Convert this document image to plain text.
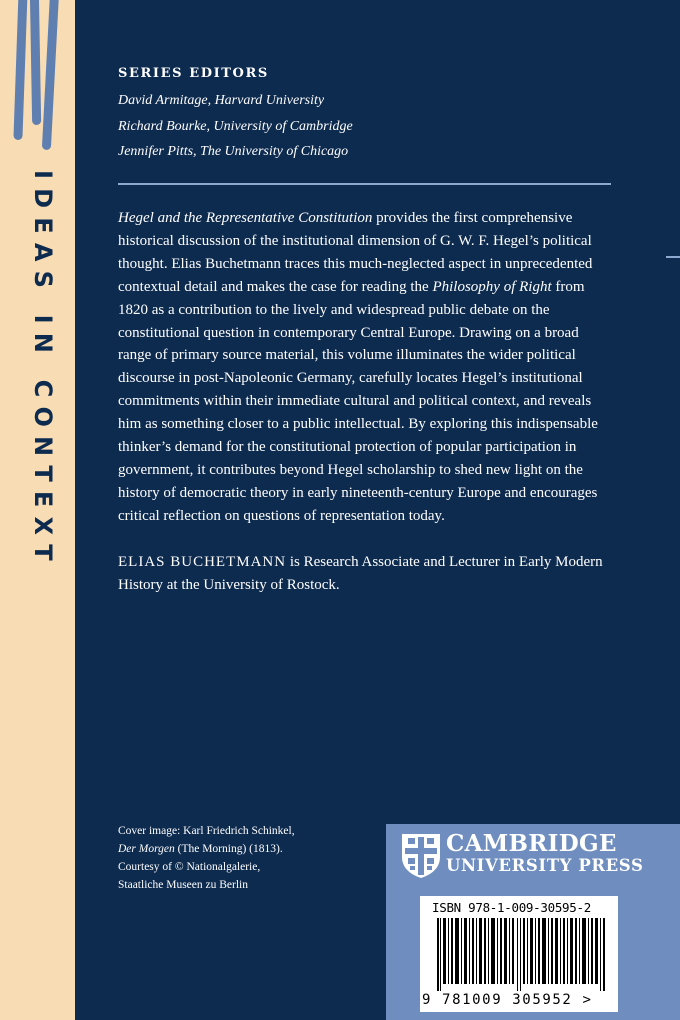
IDEAS IN CONTEXT
SERIES EDITORS
David Armitage, Harvard University
Richard Bourke, University of Cambridge
Jennifer Pitts, The University of Chicago

Hegel and the Representative Constitution provides the first comprehensive historical discussion of the institutional dimension of G. W. F. Hegel’s political thought. Elias Buchetmann traces this much-neglected aspect in unprecedented contextual detail and makes the case for reading the Philosophy of Right from 1820 as a contribution to the lively and widespread public debate on the constitutional question in contemporary Central Europe. Drawing on a broad range of primary source material, this volume illuminates the wider political discourse in post-Napoleonic Germany, carefully locates Hegel’s institutional commitments within their immediate cultural and political context, and reveals him as something closer to a public intellectual. By exploring this indispensable thinker’s demand for the constitutional protection of popular participation in government, it contributes beyond Hegel scholarship to shed new light on the history of democratic theory in early nineteenth-century Europe and encourages critical reflection on questions of representation today.

ELIAS BUCHETMANN is Research Associate and Lecturer in Early Modern History at the University of Rostock.
Cover image: Karl Friedrich Schinkel,
Der Morgen (The Morning) (1813).
Courtesy of © Nationalgalerie,
Staatliche Museen zu Berlin
CAMBRIDGE
UNIVERSITY PRESS
ISBN 978-1-009-30595-2
9 781009 305952 >
